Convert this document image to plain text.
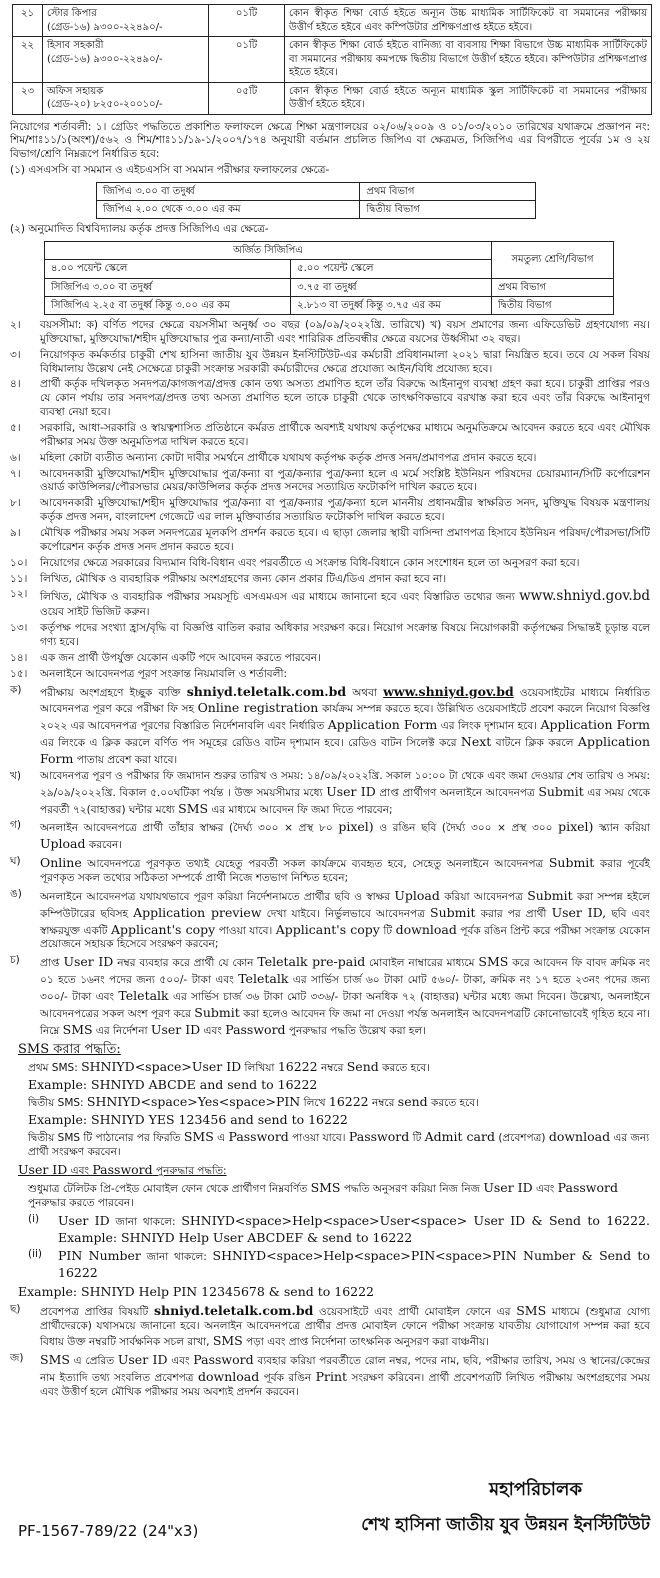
২১	স্টোর কিপার
(গ্রেড-১৬) ৯৩০০-২২৪৯০/-	০১টি	কোন স্বীকৃত শিক্ষা বোর্ড হইতে অন্যূন উচ্চ মাধ্যমিক সার্টিফিকেট বা সমমানের পরীক্ষায় উত্তীর্ণ হইতে হইবে এবং কম্পিউটার প্রশিক্ষণপ্রাপ্ত হইতে হইবে।
২২	হিসাব সহকারী
(গ্রেড-১৬) ৯৩০০-২২৪৯০/-	০১টি	কোন স্বীকৃত শিক্ষা বোর্ড হইতে বানিজ্য বা ব্যবসায় শিক্ষা বিভাগে উচ্চ মাধ্যমিক সার্টিফিকেট বা সমমানের পরীক্ষায় কমপক্ষে দ্বিতীয় বিভাগে উত্তীর্ণ হইতে হইবে। কম্পিউটার প্রশিক্ষণপ্রাপ্ত হইতে হইবে।
২৩	অফিস সহায়ক
(গ্রেড-২০) ৮২৫০-২০০১০/-	০৫টি	কোন স্বীকৃত শিক্ষা বোর্ড হইতে অন্যূন মাধ্যমিক স্কুল সার্টিফিকেট বা সমমানের পরীক্ষায় উত্তীর্ণ হইতে হইবে।
নিয়োগের শর্তাবলী: ১। গ্রেডিং পদ্ধতিতে প্রকাশিত ফলাফলে ক্ষেত্রে শিক্ষা মন্ত্রণালয়ের ০২/০৬/২০০৯ ও ০১/০৩/২০১০ তারিখের যথাক্রমে প্রজ্ঞাপন নং: শিম/শাঃ১১/১(অংশ)/৫৬২ ও শিম/শাঃ১১/১৯-১/২০০৭/১৭৪ অনুযায়ী বর্তমান প্রচলিত জিপিএ বা ক্ষেত্রমত, সিজিপিএ এর বিপরীতে পূর্বের ১ম ও ২য় বিভাগ/শ্রেণি নিম্নরূপে নির্ধারিত হবে:
(১) এসএসসি বা সমমান ও এইচএসসি বা সমমান পরীক্ষার ফলাফলের ক্ষেত্রে-
জিপিএ ৩.০০ বা তদুর্ধ্ব	প্রথম বিভাগ
জিপিএ ২.০০ থেকে ৩.০০ এর কম	দ্বিতীয় বিভাগ
(২) অনুমোদিত বিশ্ববিদ্যালয় কর্তৃক প্রদত্ত সিজিপিএ এর ক্ষেত্রে-
অর্জিত সিজিপিএ		সমতুল্য শ্রেণি/বিভাগ
৪.০০ পয়েন্ট স্কেলে	৫.০০ পয়েন্ট স্কেলে	
সিজিপিএ ৩.০০ বা তদুর্ধ্ব	৩.৭৫ বা তদুর্ধ্ব	প্রথম বিভাগ
সিজিপিএ ২.২৫ বা তদুর্ধ্ব কিন্তু ৩.০০ এর কম	২.৮১৩ বা তদুর্ধ্ব কিন্তু ৩.৭৫ এর কম	দ্বিতীয় বিভাগ
২।	বয়সসীমা: ক) বর্ণিত পদের ক্ষেত্রে বয়সসীমা অনুর্ধ্ব ৩০ বছর (০৯/০৯/২০২২খ্রি. তারিখে) খ) বয়স প্রমাণের জন্য এফিডেভিট গ্রহণযোগ্য নয়। মুক্তিযোদ্ধা, মুক্তিযোদ্ধা/শহীদ মুক্তিযোদ্ধার পুত্র কন্যা/নাতী এবং শারিরিক প্রতিবন্ধীর ক্ষেত্রে বয়সের উর্ধ্বসীমা ৩২ বছর।
৩।	নিয়োগকৃত কর্মকর্তার চাকুরী শেখ হাসিনা জাতীয় যুব উন্নয়ন ইনস্টিটিউট-এর কর্মচারী প্রবিধানমালা ২০২১ দ্বারা নিয়ন্ত্রিত হবে। তবে যে সকল বিষয় বিধিমালায় উল্লেখ নেই সেক্ষেত্রে চাকুরী সংক্রান্ত সরকারী কর্মচারীদের ক্ষেত্রে প্রযোজ্য আইন/বিধি প্রযোজ্য হবে।
৪।	প্রার্থী কর্তৃক দখিলকৃত সনদপত্র/কাগজপত্র/প্রদত্ত কোন তথ্য অসত্য প্রমাণিত হলে তাঁর বিরুদ্ধে আইনানুগ ব্যবস্থা গ্রহণ করা হবে। চাকুরী প্রাপ্তির পরও যে কোন পর্যায় তার সনদপত্র/প্রদত্ত তথ্য অসত্য প্রমাণিত হলে তাকে চাকুরী থেকে তাৎক্ষণিকভাবে বরখাস্ত করা হবে এবং তাঁর বিরুদ্ধে আইনানুগ ব্যবস্থা নেয়া হবে।
৫।	সরকারি, আধা-সরকারি ও স্বায়ত্বশাসিত প্রতিষ্ঠানে কর্মরত প্রার্থীকে অবশ্যই যথাযথ কর্তৃপক্ষের মাধ্যমে অনুমতিক্রমে আবেদন করতে হবে এবং মৌখিক পরীক্ষার সময় উক্ত অনুমতিপত্র দাখিল করতে হবে।
৬।	মহিলা কোটা ব্যতীত অন্যান্য কোটা দাবীর সমর্থনে প্রার্থীকে যথাযথ কর্তৃপক্ষ কর্তৃক প্রদত্ত সনদ/প্রমাণপত্র প্রদান করতে হবে।
৭।	আবেদনকারী মুক্তিযোদ্ধা/শহীদ মুক্তিযোদ্ধার পুত্র/কন্যা বা পুত্র/কন্যার পুত্র/কন্যা হলে এ মর্মে সংশ্লিষ্ট ইউনিয়ন পরিষদের চেয়ারম্যান/সিটি কর্পোরেশন ওয়ার্ড কাউন্সিলর/পৌরসভার মেয়র/কাউন্সিলর কর্তৃক প্রদত্ত সনদের সত্যায়িত ফটোকপি দাখিল করতে হবে।
৮।	আবেদনকারী মুক্তিযোদ্ধা/শহীদ মুক্তিযোদ্ধার পুত্র/কন্যা বা পুত্র/কন্যার পুত্র/কন্যা হলে মাননীয় প্রধানমন্ত্রীর স্বাক্ষরিত সনদ, মুক্তিযুদ্ধ বিষয়ক মন্ত্রণালয় কর্তৃক প্রদত্ত সনদ, বাংলাদেশ গেজেটে এর লাল মুক্তিবার্তার সত্যায়িত ফটোকপি দাখিল করতে হবে।
৯।	মৌখিক পরীক্ষার সময় সকল সনদপত্রের মূলকপি প্রদর্শন করতে হবে। এ ছাড়া জেলার স্থায়ী বাসিন্দা প্রমাণপত্র হিসাবে ইউনিয়ন পরিষদ/পৌরসভা/সিটি কর্পোরেশন কর্তৃক প্রদত্ত সনদ প্রদান করতে হবে।
১০।	নিয়োগের ক্ষেত্রে সরকারের বিদ্যমান বিধি-বিধান এবং পরবর্তীতে এ সংক্রান্ত বিধি-বিধানে কোন সংশোধন হলে তা অনুসরণ করা হবে।
১১।	লিখিত, মৌখিক ও ব্যবহারিক পরীক্ষায় অংশগ্রহণের জন্য কোন প্রকার টিএ/ডিএ প্রদান করা হবে না।
১২।	লিখিত, মৌখিক ও ব্যবহারিক পরীক্ষার সময়সূচি এসএমএস এর মাধ্যমে জানানো হবে এবং বিস্তারিত তথ্যের জন্য www.shniyd.gov.bd ওয়েব সাইট ভিজিট করুন।
১৩।	কর্তৃপক্ষ পদের সংখ্যা হ্রাস/বৃদ্ধি বা বিজ্ঞপ্তি বাতিল করার অধিকার সংরক্ষণ করে। নিয়োগ সংক্রান্ত বিষয়ে নিয়োগকারী কর্তৃপক্ষের সিদ্ধান্তই চূড়ান্ত বলে গণ্য হবে।
১৪।	এক জন প্রার্থী উপর্যুক্ত যেকোন একটি পদে আবেদন করতে পারবেন।
১৫।	অনলাইনে আবেদনপত্র পূরণ সংক্রান্ত নিয়মাবলি ও শর্তাবলী:
ক)	পরীক্ষায় অংশগ্রহণে ইচ্ছুক ব্যক্তি shniyd.teletalk.com.bd অথবা www.shniyd.gov.bd ওয়েবসাইটের মাধ্যমে নির্ধারিত আবেদনপত্র পূরণ করে পরীক্ষা ফি সহ Online registration কার্যক্রম সম্পন্ন করতে হবে। উল্লিখিত ওয়েবসাইটে প্রবেশ করলে নিয়োগ বিজ্ঞপ্তি ২০২২ এর আবেদনপত্র পূরণের বিস্তারিত নির্দেশনাবলি এবং নির্ধারিত Application Form এর লিংক দৃশ্যমান হবে। Application Form এর লিংকে এ ক্লিক করলে বর্ণিত পদ সমূহের রেডিও বাটন দৃশ্যমান হবে। রেডিও বাটন সিলেক্ট করে Next বাটনে ক্লিক করলে Application Form পাতায় প্রবেশ করা যাবে।
খ)	আবেদনপত্র পূরণ ও পরীক্ষার ফি জমাদান শুরুর তারিখ ও সময়: ১৪/০৯/২০২২খ্রি. সকাল ১০:০০ টা থেকে এবং জমা দেওয়ার শেষ তারিখ ও সময়: ২৯/০৯/২০২২খ্রি. বিকাল ৫.০০ঘটিকা পর্যন্ত । উক্ত সময়সীমার মধ্যে User ID প্রাপ্ত প্রার্থীগণ অনলাইনে আবেদনপত্র Submit এর সময় থেকে পরবর্তী ৭২(বাহাত্তর) ঘন্টার মধ্যে SMS এর মাধ্যমে আবেদন ফি জমা দিতে পারবেন;
গ)	অনলাইন আবেদনপত্রে প্রার্থী তাঁহার স্বাক্ষর (দৈর্ঘ্য ৩০০ × প্রস্থ ৮০ pixel) ও রঙিন ছবি (দৈর্ঘ্য ৩০০ × প্রস্থ ৩০০ pixel) স্ক্যান করিয়া Upload করবেন।
ঘ)	Online আবেদনপত্রে পূরণকৃত তথ্যই যেহেতু পরবর্তী সকল কার্যক্রমে ব্যবহৃত হবে, সেহেতু অনলাইনে আবেদনপত্র Submit করার পূর্বেই পূরণকৃত সকল তথ্যের সঠিকতা সম্পর্কে প্রার্থী নিজে শতভাগ নিশ্চিত হবেন;
ঙ)	অনলাইনে আবেদনপত্র যথাযথভাবে পূরণ করিয়া নির্দেশনামতে প্রার্থীর ছবি ও স্বাক্ষর Upload করিয়া আবেদনপত্র Submit করা সম্পন্ন হইলে কম্পিউটারের ছবিসহ Application preview দেখা যাইবে। নির্ভুলভাবে আবেদনপত্র Submit করার পর প্রার্থী User ID, ছবি এবং স্বাক্ষরযুক্ত একটি Applicant's copy পাওয়া যাবে। Applicant's copy টি download পূর্বক রঙিন প্রিন্ট করে পরীক্ষা সংক্রান্ত যেকোন প্রয়োজনে সহায়ক হিসেবে সংরক্ষণ করবেন;
চ)	প্রাপ্ত User ID নম্বর ব্যবহার করে প্রার্থী যে কোন Teletalk pre-paid মোবাইল নাম্বারের মাধ্যমে SMS করে আবেদন ফি বাবদ ক্রমিক নং ০১ হতে ১৬নং পদের জন্য ৫০০/- টাকা এবং Teletalk এর সার্ভিস চার্জ ৬০ টাকা মোট ৫৬০/- টাকা, ক্রমিক নং ১৭ হতে ২৩নং পদের জন্য ৩০০/- টাকা এবং Teletalk এর সার্ভিস চার্জ ৩৬ টাকা মোট ৩৩৬/- টাকা অনধিক ৭২ (বাহাত্তর) ঘন্টার মধ্যে জমা দিবেন। উল্লেখ্য, অনলাইনে আবেদনপত্রের সকল অংশ পূরণ করে Submit করা হলেও আবেদন ফি জমা না দেওয়া পর্যন্ত অনলাইন আবেদনপত্রটি কোনোভাবেই গৃহিত হবে না। নিম্নে SMS এর নির্দেশনা User ID এবং Password পুনরুদ্ধার পদ্ধতি উল্লেখ করা হল।
SMS করার পদ্ধতি:
প্রথম SMS: SHNIYD<space>User ID লিখিয়া 16222 নম্বরে Send করতে হবে।
Example: SHNIYD ABCDE and send to 16222
দ্বিতীয় SMS: SHNIYD<space>Yes<space>PIN লিখে 16222 নম্বরে send করতে হবে।
Example: SHNIYD YES 123456 and send to 16222
দ্বিতীয় SMS টি পাঠানোর পর ফিরতি SMS এ Password পাওয়া যাবে। Password টি Admit card (প্রবেশপত্র) download এর জন্য প্রার্থী সংরক্ষণ করবেন।
User ID এবং Password পুনরুদ্ধার পদ্ধতি:
শুধুমাত্র টেলিটক প্রি-পেইড মোবাইল ফোন থেকে প্রার্থীগণ নিম্নবর্ণিত SMS পদ্ধতি অনুসরণ করিয়া নিজ নিজ User ID এবং Password পুনরুদ্ধার করতে পারবেন।
(i)	User ID জানা থাকলে: SHNIYD<space>Help<space>User<space> User ID & Send to 16222. Example: SHNIYD Help User ABCDEF & send to 16222
(ii)	PIN Number জানা থাকলে: SHNIYD<space>Help<space>PIN<space>PIN Number & Send to 16222
Example: SHNIYD Help PIN 12345678 & send to 16222
ছ)	প্রবেশপত্র প্রাপ্তির বিষয়টি shniyd.teletalk.com.bd ওয়েবসাইটে এবং প্রার্থী মোবাইল ফোনে এর SMS মাধ্যমে (শুধুমাত্র যোগ্য প্রার্থীদেরকে) যথাসময়ে জানানো হবে। অনলাইন আবেদনপত্রে প্রার্থীর প্রদত্ত মোবাইল ফোনে পরীক্ষা সংক্রান্ত যাবতীয় যোগাযোগ সম্পন্ন করা হবে বিধায় উক্ত নম্বরটি সার্বক্ষনিক সচল রাখা, SMS পড়া এবং প্রাপ্ত নির্দেশনা তাৎক্ষনিক অনুসরণ করা বাঞ্চনীয়।
জ)	SMS এ প্রেরিত User ID এবং Password ব্যবহার করিয়া পরবর্তীতে রোল নম্বর, পদের নাম, ছবি, পরীক্ষার তারিখ, সময় ও স্থানের/কেন্দ্রের নাম ইত্যাদি তথ্য সংবলিত প্রবেশপত্র download পূর্বক রঙিন Print সংরক্ষণ করিবেন। প্রার্থী প্রবেশপত্রটি লিখিত পরীক্ষায় অংশগ্রহণের সময় এবং উত্তীর্ণ হলে মৌখিক পরীক্ষার সময় অবশ্যই প্রদর্শন করবেন।
PF-1567-789/22 (24"x3)
মহাপরিচালক
শেখ হাসিনা জাতীয় যুব উন্নয়ন ইনস্টিটিউট
